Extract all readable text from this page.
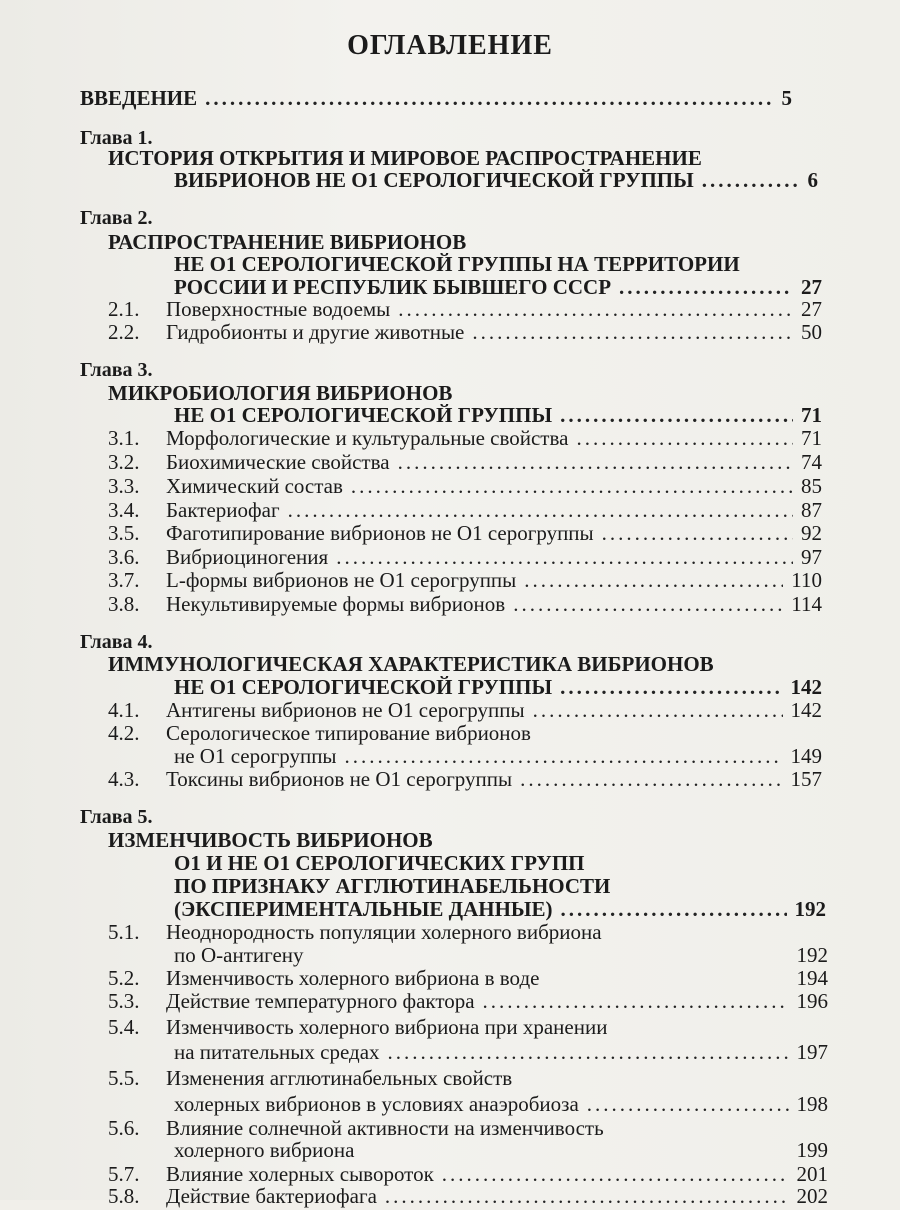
ОГЛАВЛЕНИЕ
ВВЕДЕНИЕ .....	5
Глава 1.
ИСТОРИЯ ОТКРЫТИЯ И МИРОВОЕ РАСПРОСТРАНЕНИЕ
ВИБРИОНОВ НЕ О1 СЕРОЛОГИЧЕСКОЙ ГРУППЫ .....	6
Глава 2.
РАСПРОСТРАНЕНИЕ ВИБРИОНОВ
НЕ О1 СЕРОЛОГИЧЕСКОЙ ГРУППЫ НА ТЕРРИТОРИИ
РОССИИ И РЕСПУБЛИК БЫВШЕГО СССР .....	27
2.1.	Поверхностные водоемы .....	27
2.2.	Гидробионты и другие животные .....	50
Глава 3.
МИКРОБИОЛОГИЯ ВИБРИОНОВ
НЕ О1 СЕРОЛОГИЧЕСКОЙ ГРУППЫ .....	71
3.1.	Морфологические и культуральные свойства .....	71
3.2.	Биохимические свойства .....	74
3.3.	Химический состав .....	85
3.4.	Бактериофаг .....	87
3.5.	Фаготипирование вибрионов не О1 серогруппы .....	92
3.6.	Вибриоциногения .....	97
3.7.	L-формы вибрионов не О1 серогруппы .....	110
3.8.	Некультивируемые формы вибрионов .....	114
Глава 4.
ИММУНОЛОГИЧЕСКАЯ ХАРАКТЕРИСТИКА ВИБРИОНОВ
НЕ О1 СЕРОЛОГИЧЕСКОЙ ГРУППЫ .....	142
4.1.	Антигены вибрионов не О1 серогруппы .....	142
4.2.	Серологическое типирование вибрионов
не О1 серогруппы .....	149
4.3.	Токсины вибрионов не О1 серогруппы .....	157
Глава 5.
ИЗМЕНЧИВОСТЬ ВИБРИОНОВ
О1 И НЕ О1 СЕРОЛОГИЧЕСКИХ ГРУПП
ПО ПРИЗНАКУ АГГЛЮТИНАБЕЛЬНОСТИ
(ЭКСПЕРИМЕНТАЛЬНЫЕ ДАННЫЕ) .....	192
5.1.	Неоднородность популяции холерного вибриона
по О-антигену	192
5.2.	Изменчивость холерного вибриона в воде	194
5.3.	Действие температурного фактора .....	196
5.4.	Изменчивость холерного вибриона при хранении
на питательных средах .....	197
5.5.	Изменения агглютинабельных свойств
холерных вибрионов в условиях анаэробиоза .....	198
5.6.	Влияние солнечной активности на изменчивость
холерного вибриона	199
5.7.	Влияние холерных сывороток .....	201
5.8.	Действие бактериофага .....	202
